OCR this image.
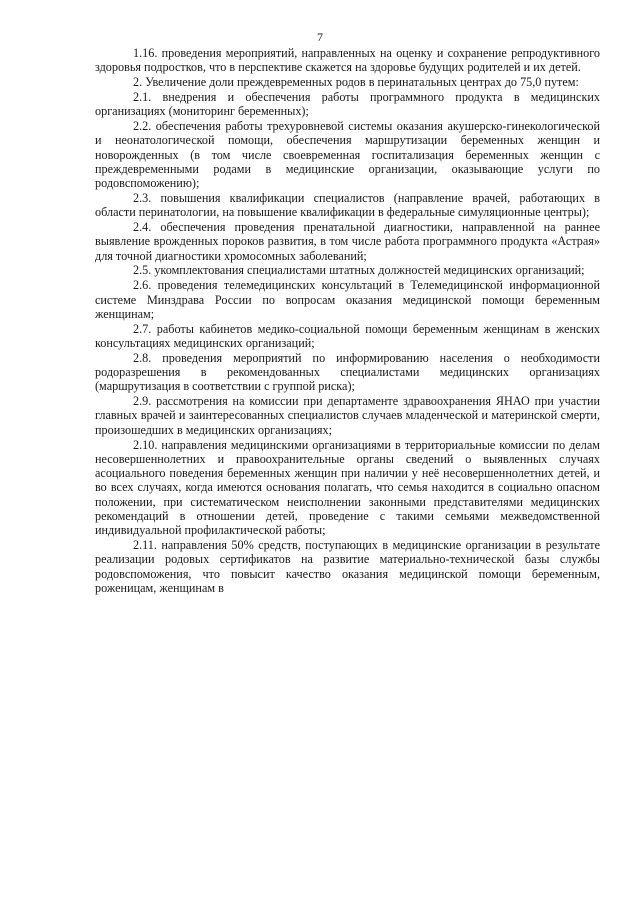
7

1.16. проведения мероприятий, направленных на оценку и сохранение репродуктивного здоровья подростков, что в перспективе скажется на здоровье будущих родителей и их детей.

2. Увеличение доли преждевременных родов в перинатальных центрах до 75,0 путем:

2.1. внедрения и обеспечения работы программного продукта в медицинских организациях (мониторинг беременных);

2.2. обеспечения работы трехуровневой системы оказания акушерско-гинекологической и неонатологической помощи, обеспечения маршрутизации беременных женщин и новорожденных (в том числе своевременная госпитализация беременных женщин с преждевременными родами в медицинские организации, оказывающие услуги по родовспоможению);

2.3. повышения квалификации специалистов (направление врачей, работающих в области перинатологии, на повышение квалификации в федеральные симуляционные центры);

2.4. обеспечения проведения пренатальной диагностики, направленной на раннее выявление врожденных пороков развития, в том числе работа программного продукта «Астрая» для точной диагностики хромосомных заболеваний;

2.5. укомплектования специалистами штатных должностей медицинских организаций;

2.6. проведения телемедицинских консультаций в Телемедицинской информационной системе Минздрава России по вопросам оказания медицинской помощи беременным женщинам;

2.7. работы кабинетов медико-социальной помощи беременным женщинам в женских консультациях медицинских организаций;

2.8. проведения мероприятий по информированию населения о необходимости родоразрешения в рекомендованных специалистами медицинских организациях (маршрутизация в соответствии с группой риска);

2.9. рассмотрения на комиссии при департаменте здравоохранения ЯНАО при участии главных врачей и заинтересованных специалистов случаев младенческой и материнской смерти, произошедших в медицинских организациях;

2.10. направления медицинскими организациями в территориальные комиссии по делам несовершеннолетних и правоохранительные органы сведений о выявленных случаях асоциального поведения беременных женщин при наличии у неё несовершеннолетних детей, и во всех случаях, когда имеются основания полагать, что семья находится в социально опасном положении, при систематическом неисполнении законными представителями медицинских рекомендаций в отношении детей, проведение с такими семьями межведомственной индивидуальной профилактической работы;

2.11. направления 50% средств, поступающих в медицинские организации в результате реализации родовых сертификатов на развитие материально-технической базы службы родовспоможения, что повысит качество оказания медицинской помощи беременным, роженицам, женщинам в
